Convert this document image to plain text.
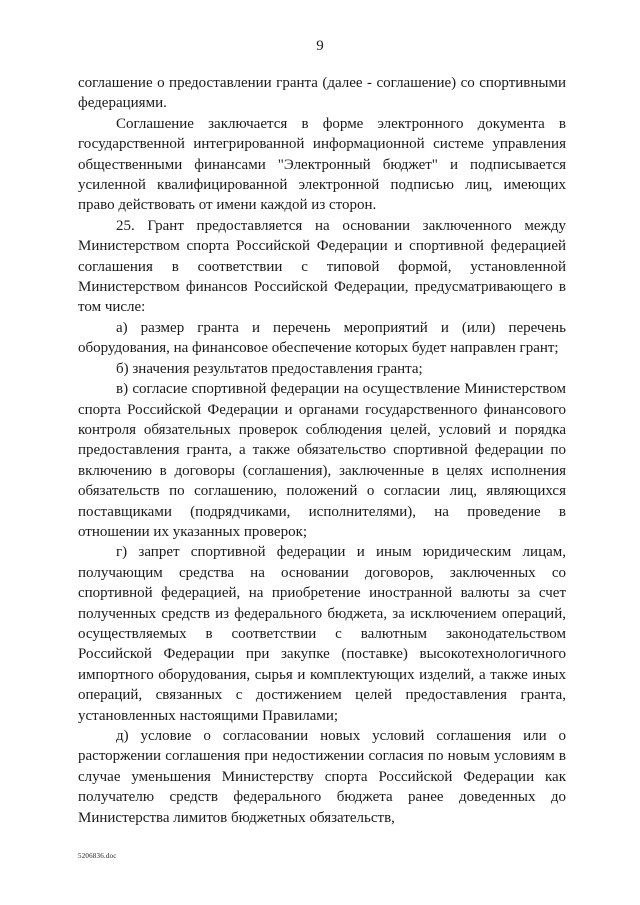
9

соглашение о предоставлении гранта (далее - соглашение) со спортивными федерациями.

Соглашение заключается в форме электронного документа в государственной интегрированной информационной системе управления общественными финансами "Электронный бюджет" и подписывается усиленной квалифицированной электронной подписью лиц, имеющих право действовать от имени каждой из сторон.

25. Грант предоставляется на основании заключенного между Министерством спорта Российской Федерации и спортивной федерацией соглашения в соответствии с типовой формой, установленной Министерством финансов Российской Федерации, предусматривающего в том числе:

а) размер гранта и перечень мероприятий и (или) перечень оборудования, на финансовое обеспечение которых будет направлен грант;

б) значения результатов предоставления гранта;

в) согласие спортивной федерации на осуществление Министерством спорта Российской Федерации и органами государственного финансового контроля обязательных проверок соблюдения целей, условий и порядка предоставления гранта, а также обязательство спортивной федерации по включению в договоры (соглашения), заключенные в целях исполнения обязательств по соглашению, положений о согласии лиц, являющихся поставщиками (подрядчиками, исполнителями), на проведение в отношении их указанных проверок;

г) запрет спортивной федерации и иным юридическим лицам, получающим средства на основании договоров, заключенных со спортивной федерацией, на приобретение иностранной валюты за счет полученных средств из федерального бюджета, за исключением операций, осуществляемых в соответствии с валютным законодательством Российской Федерации при закупке (поставке) высокотехнологичного импортного оборудования, сырья и комплектующих изделий, а также иных операций, связанных с достижением целей предоставления гранта, установленных настоящими Правилами;

д) условие о согласовании новых условий соглашения или о расторжении соглашения при недостижении согласия по новым условиям в случае уменьшения Министерству спорта Российской Федерации как получателю средств федерального бюджета ранее доведенных до Министерства лимитов бюджетных обязательств,

5206836.doc
